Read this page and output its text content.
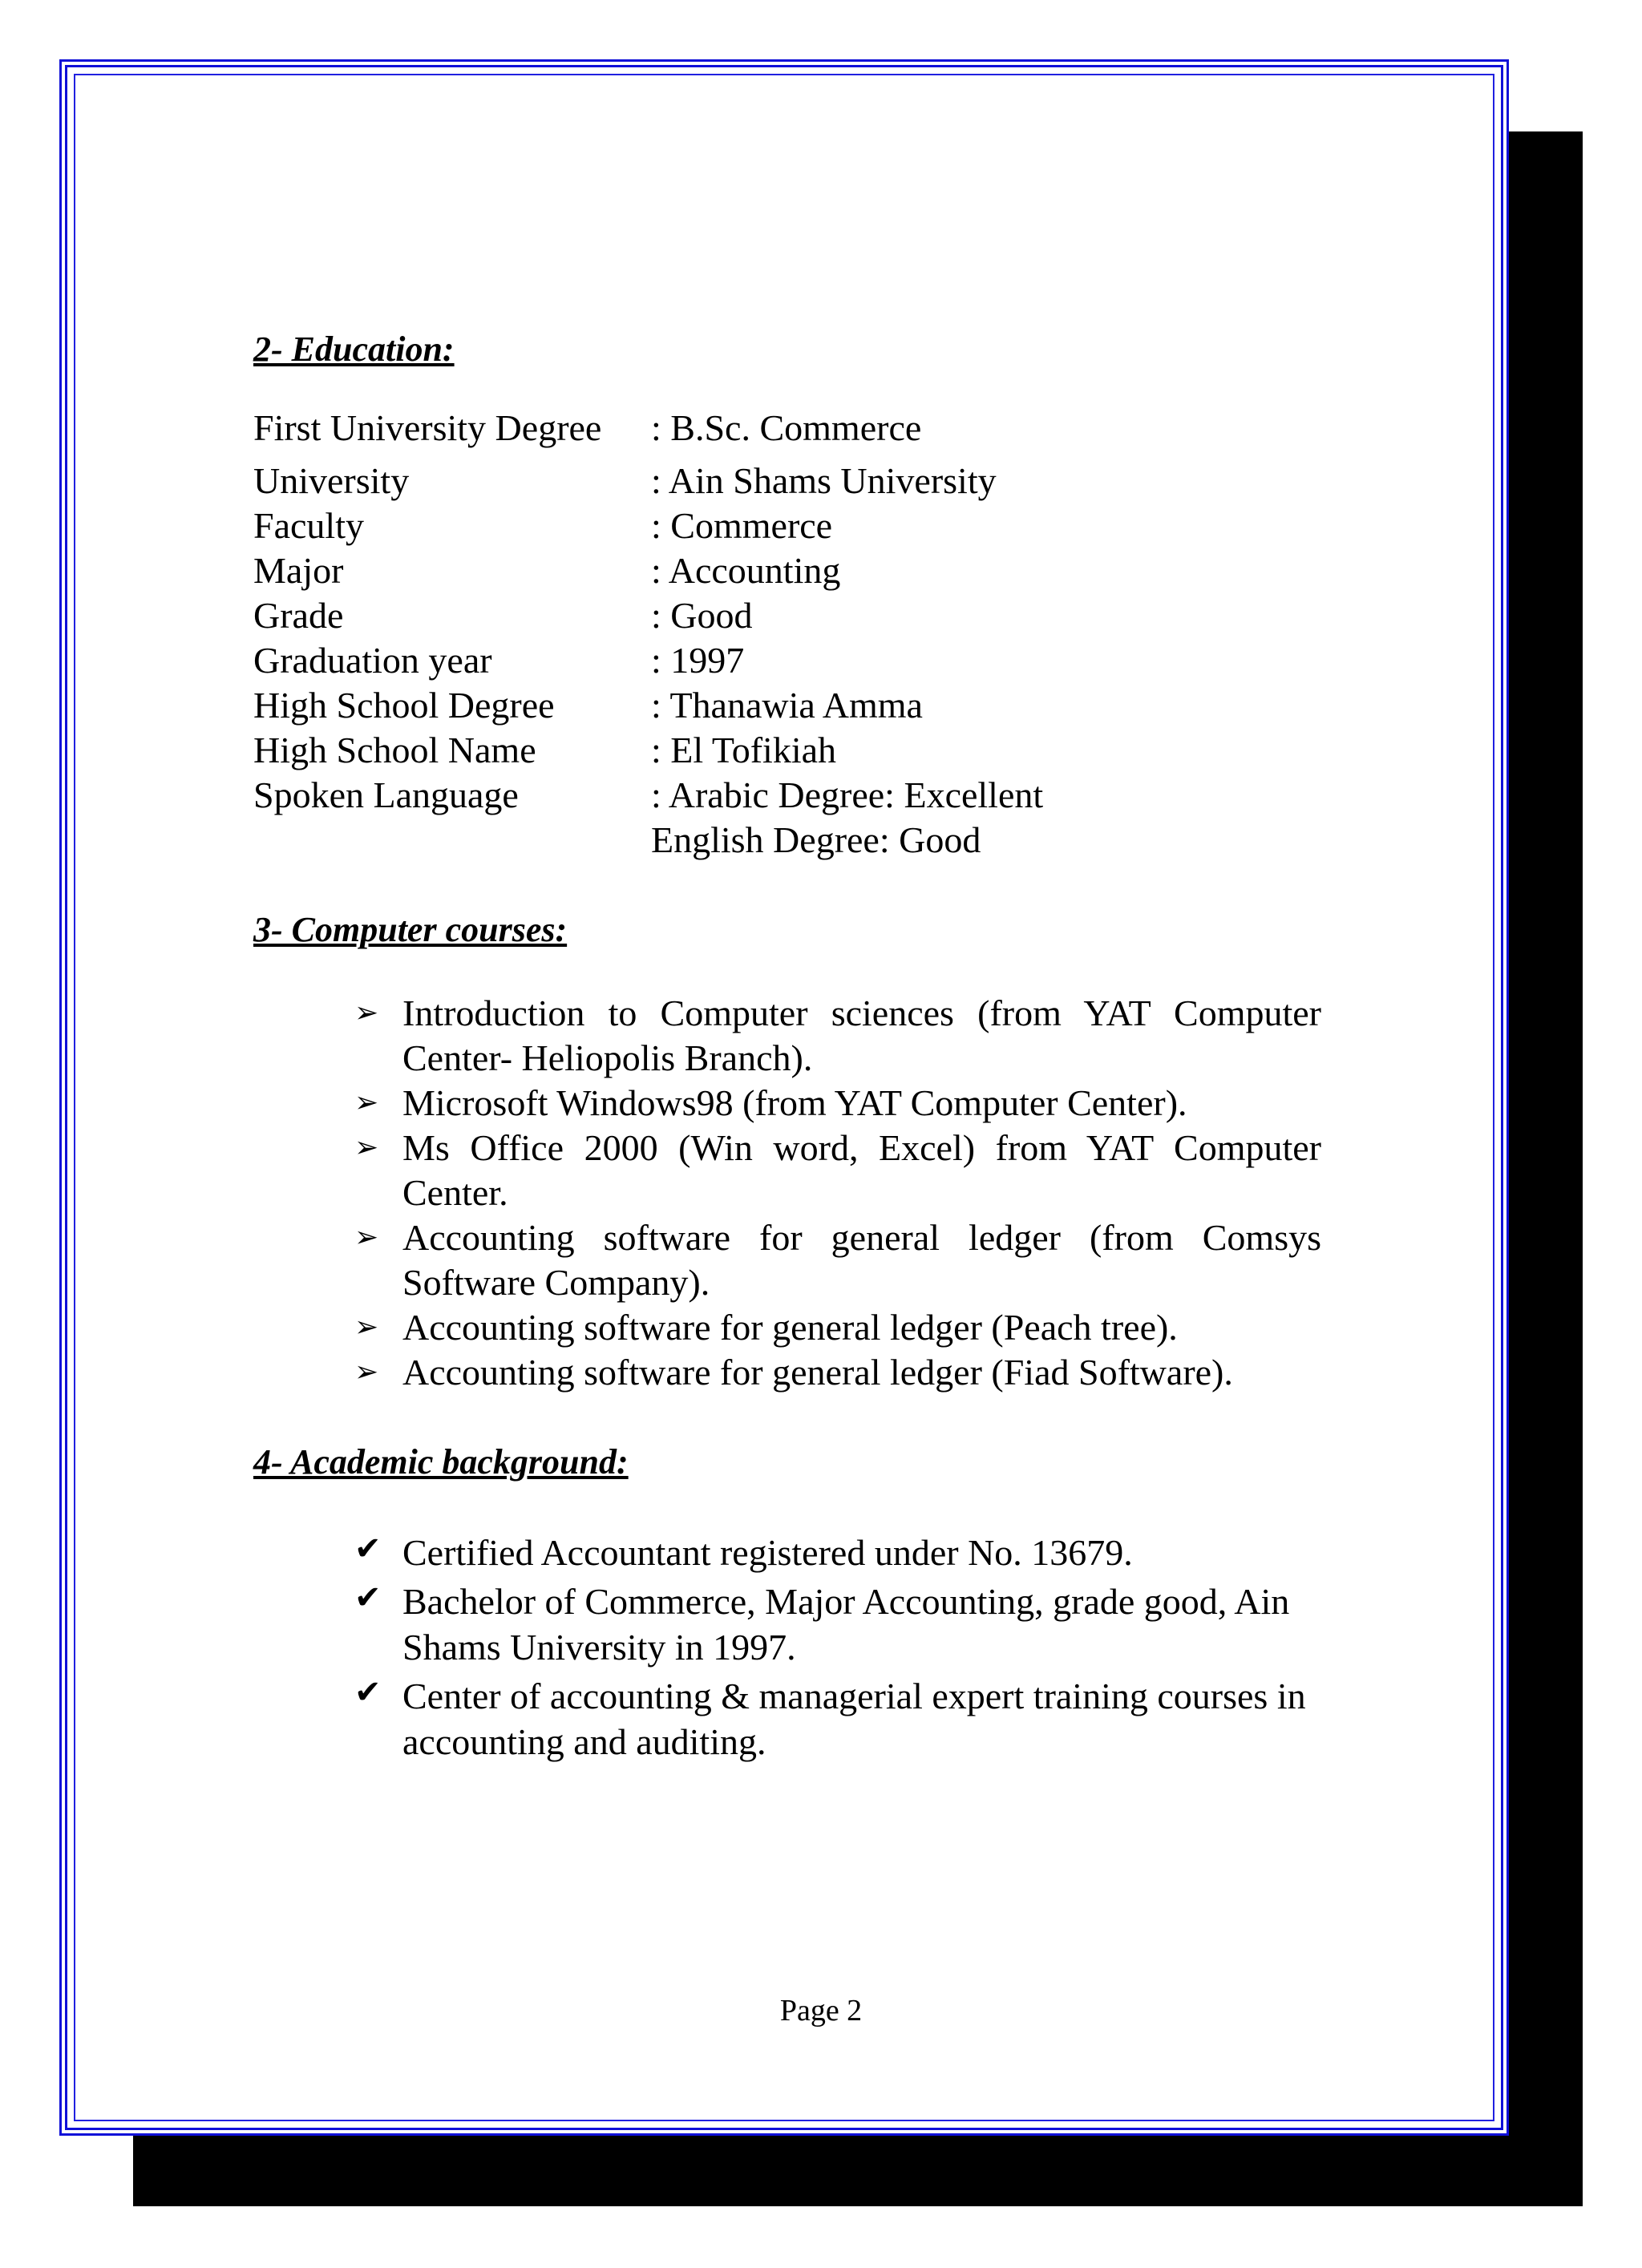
2- Education:
First University Degree	: B.Sc. Commerce
University	: Ain Shams University
Faculty	: Commerce
Major	: Accounting
Grade	: Good
Graduation year	: 1997
High School Degree	: Thanawia Amma
High School Name	: El Tofikiah
Spoken Language	: Arabic Degree: Excellent
English Degree: Good
3- Computer courses:
➢ Introduction to Computer sciences (from YAT Computer Center- Heliopolis Branch).
➢ Microsoft Windows98 (from YAT Computer Center).
➢ Ms Office 2000 (Win word, Excel) from YAT Computer Center.
➢ Accounting software for general ledger (from Comsys Software Company).
➢ Accounting software for general ledger (Peach tree).
➢ Accounting software for general ledger (Fiad Software).
4- Academic background:
✔ Certified Accountant registered under No. 13679.
✔ Bachelor of Commerce, Major Accounting, grade good, Ain Shams University in 1997.
✔ Center of accounting & managerial expert training courses in accounting and auditing.
Page 2
